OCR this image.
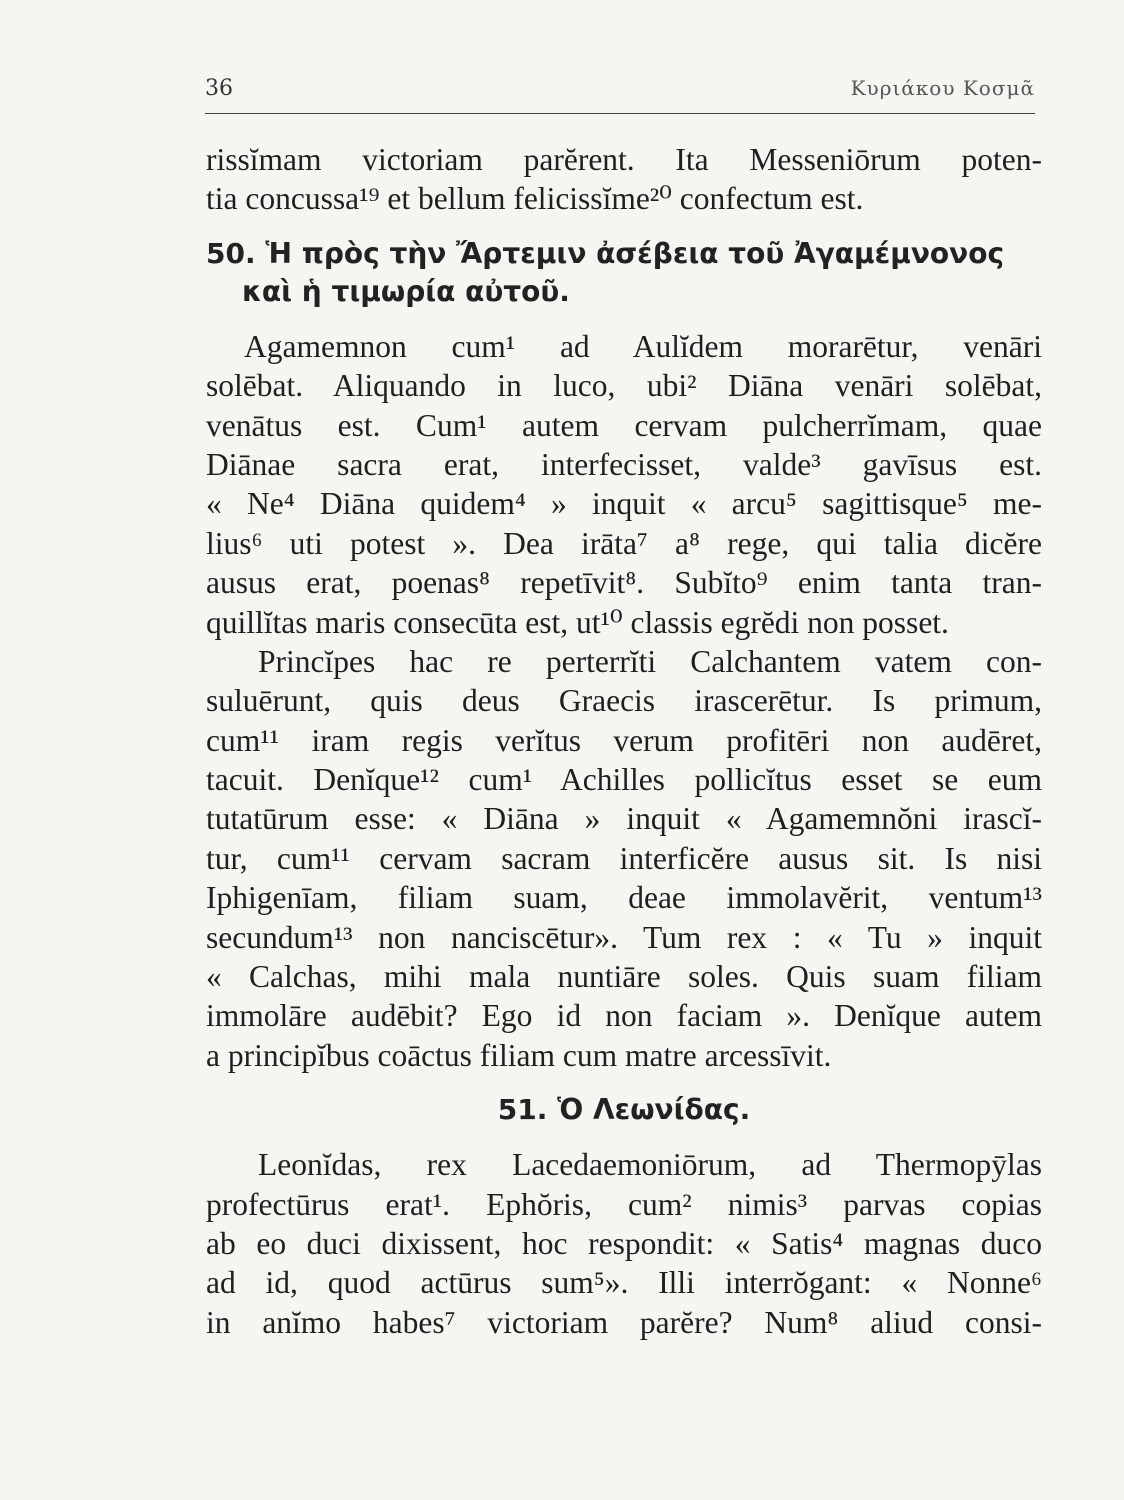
36	Κυριάκου Κοσμᾶ
rissĭmam victoriam parĕrent. Ita Messeniōrum poten-
tia concussa¹⁹ et bellum felicissĭme²⁰ confectum est.
50. Ἡ πρὸς τὴν Ἄρτεμιν ἀσέβεια τοῦ Ἀγαμέμνονος
καὶ ἡ τιμωρία αὐτοῦ.
Agamemnon cum¹ ad Aulĭdem morarētur, venāri
solēbat. Aliquando in luco, ubi² Diāna venāri solēbat,
venātus est. Cum¹ autem cervam pulcherrĭmam, quae
Diānae sacra erat, interfecisset, valde³ gavīsus est.
« Ne⁴ Diāna quidem⁴ » inquit « arcu⁵ sagittisque⁵ me-
lius⁶ uti potest ». Dea irāta⁷ a⁸ rege, qui talia dicĕre
ausus erat, poenas⁸ repetīvit⁸. Subĭto⁹ enim tanta tran-
quillĭtas maris consecūta est, ut¹⁰ classis egrĕdi non posset.
Princĭpes hac re perterrĭti Calchantem vatem con-
suluērunt, quis deus Graecis irascerētur. Is primum,
cum¹¹ iram regis verĭtus verum profitēri non audēret,
tacuit. Denĭque¹² cum¹ Achilles pollicĭtus esset se eum
tutatūrum esse: « Diāna » inquit « Agamemnŏni irascĭ-
tur, cum¹¹ cervam sacram interficĕre ausus sit. Is nisi
Iphigenīam, filiam suam, deae immolavĕrit, ventum¹³
secundum¹³ non nanciscētur». Tum rex : « Tu » inquit
« Calchas, mihi mala nuntiāre soles. Quis suam filiam
immolāre audēbit? Ego id non faciam ». Denĭque autem
a principĭbus coāctus filiam cum matre arcessīvit.
51. Ὁ Λεωνίδας.
Leonĭdas, rex Lacedaemoniōrum, ad Thermopȳlas
profectūrus erat¹. Ephŏris, cum² nimis³ parvas copias
ab eo duci dixissent, hoc respondit: « Satis⁴ magnas duco
ad id, quod actūrus sum⁵». Illi interrŏgant: « Nonne⁶
in anĭmo habes⁷ victoriam parĕre? Num⁸ aliud consi-
